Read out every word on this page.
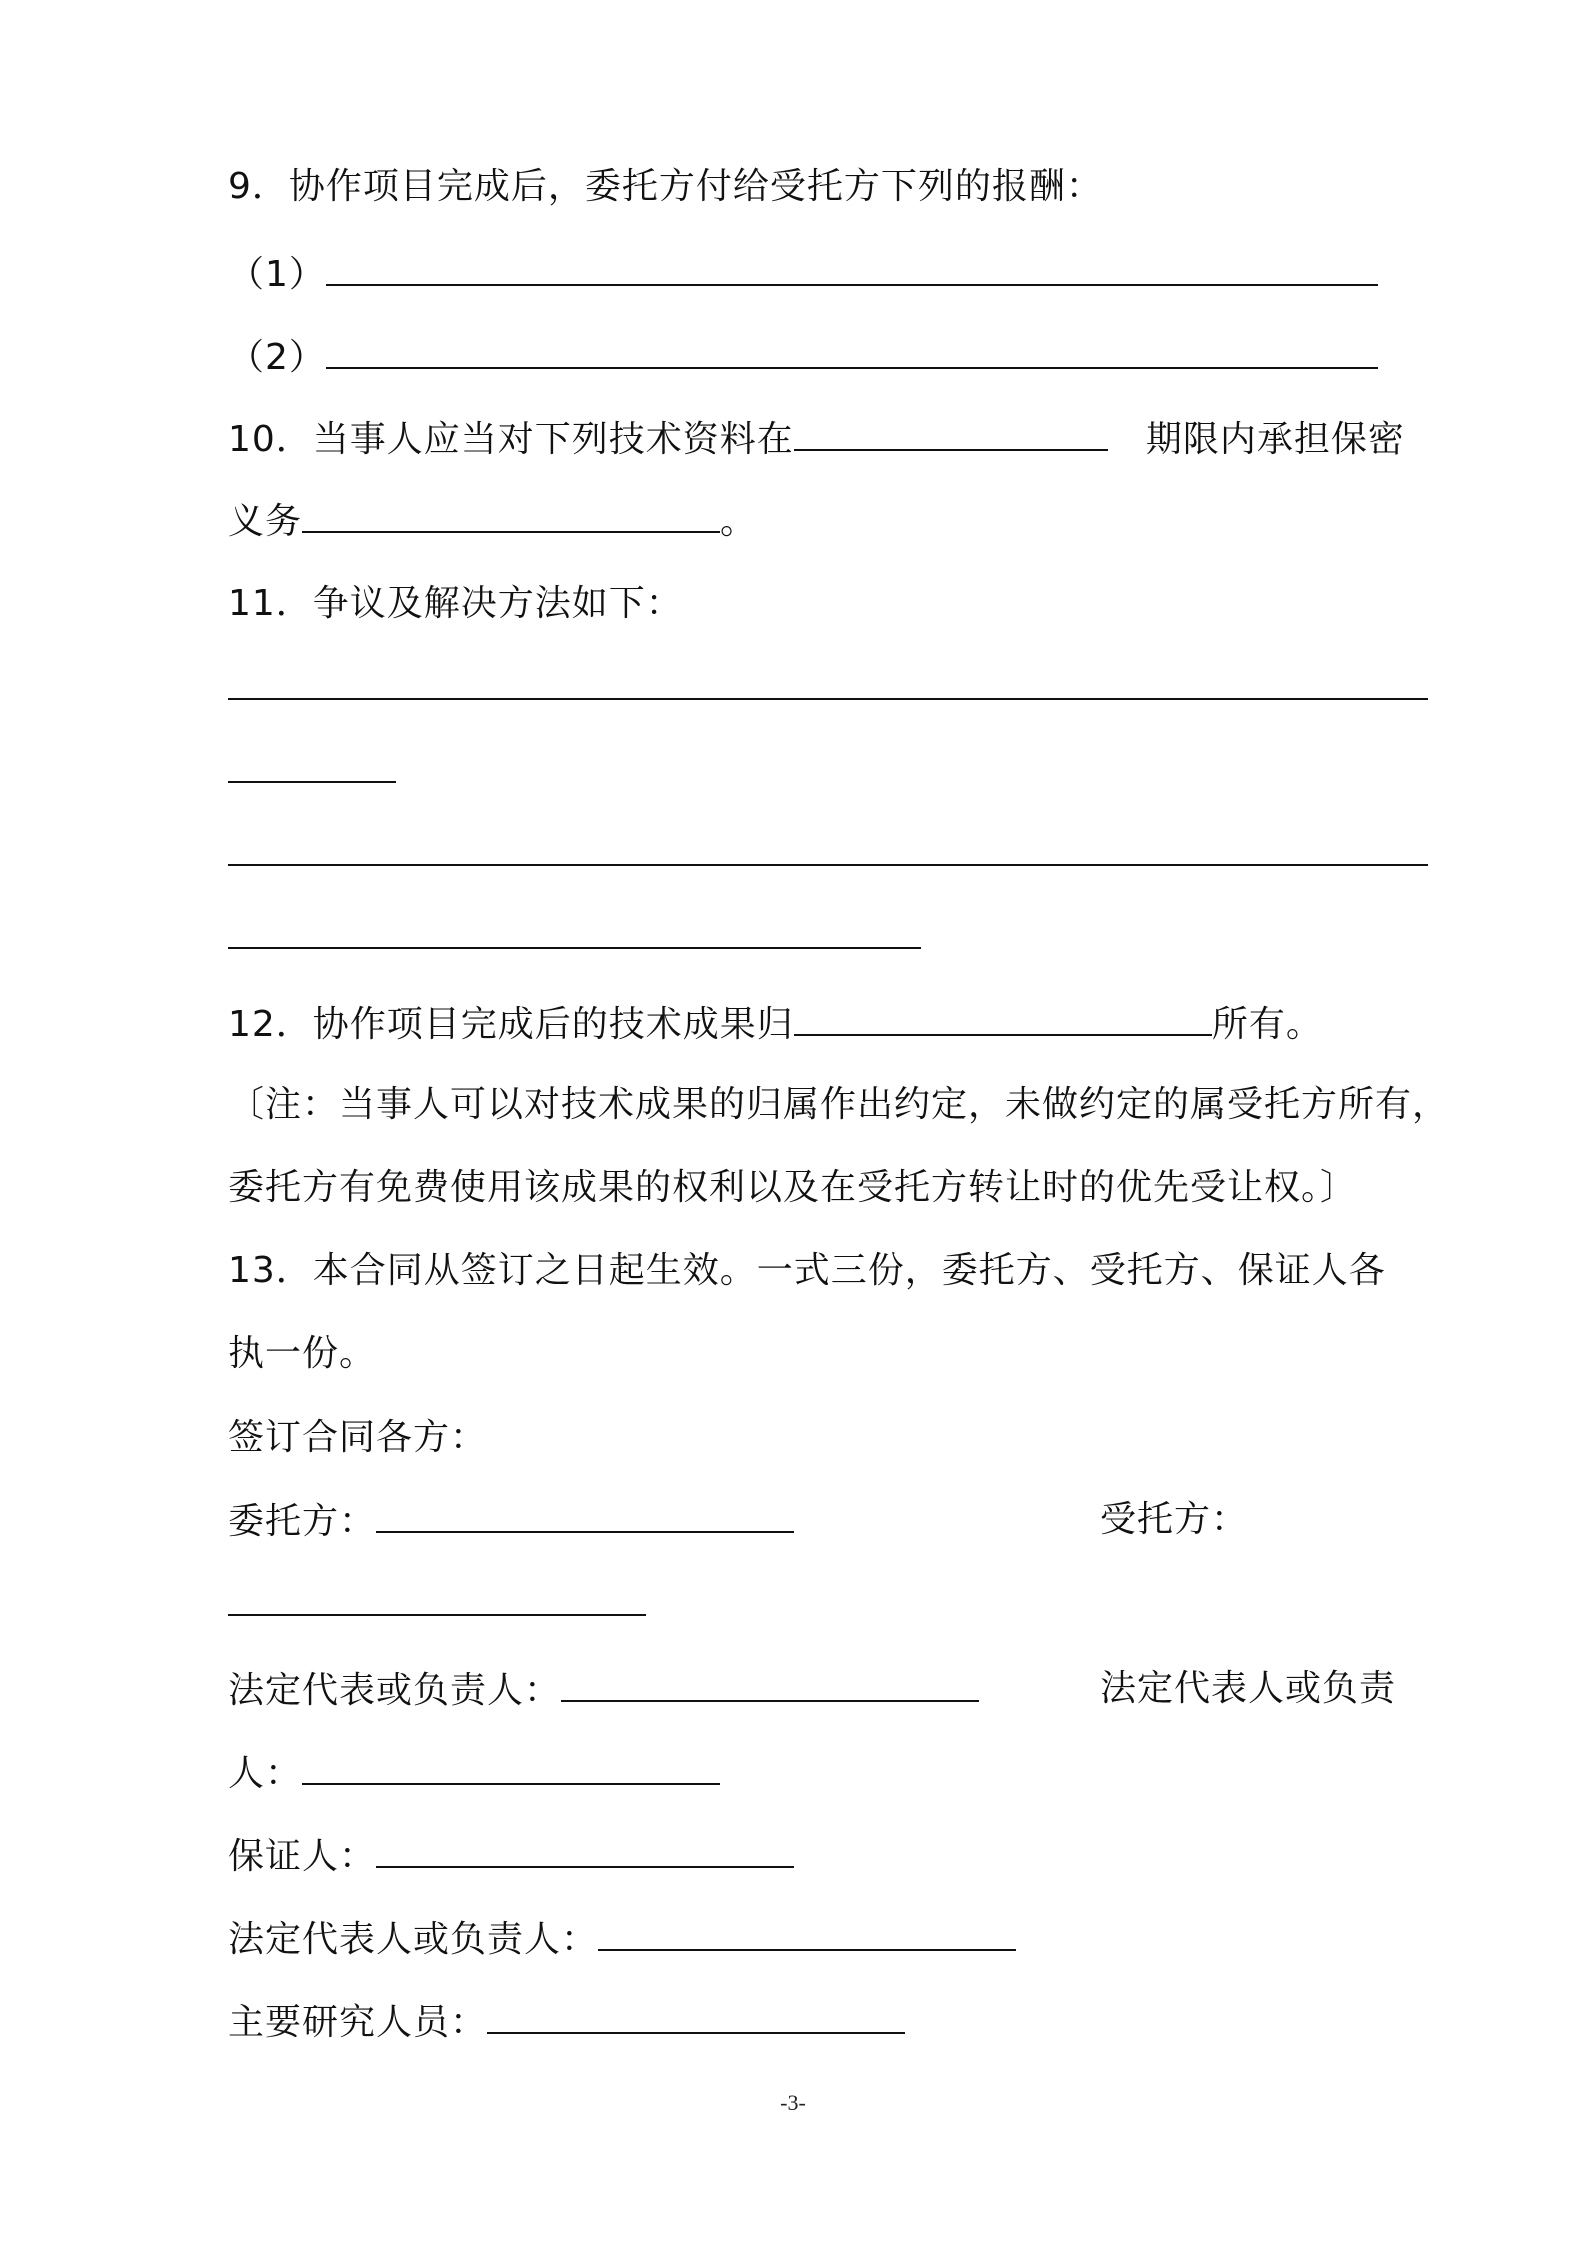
9．协作项目完成后，委托方付给受托方下列的报酬：
（1）
（2）
10．当事人应当对下列技术资料在	期限内承担保密
义务	。
11．争议及解决方法如下：
12．协作项目完成后的技术成果归	所有。
〔注：当事人可以对技术成果的归属作出约定，未做约定的属受托方所有，
委托方有免费使用该成果的权利以及在受托方转让时的优先受让权。〕
13．本合同从签订之日起生效。一式三份，委托方、受托方、保证人各
执一份。
签订合同各方：
委托方：	受托方：
法定代表或负责人：	法定代表人或负责
人：
保证人：
法定代表人或负责人：
主要研究人员：
-3-
